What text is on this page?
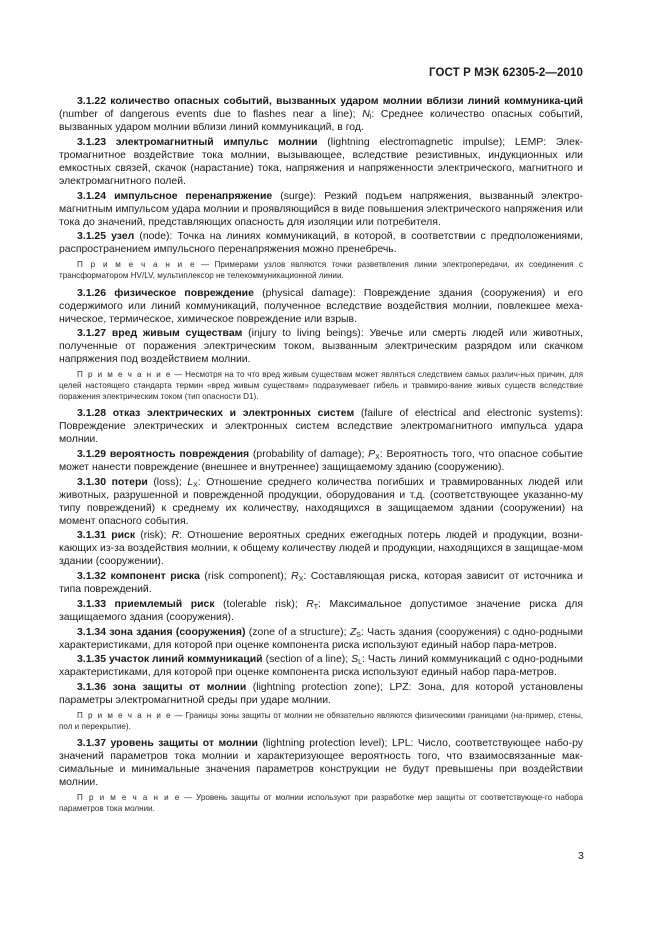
ГОСТ Р МЭК 62305-2—2010

3.1.22 количество опасных событий, вызванных ударом молнии вблизи линий коммуника-ций (number of dangerous events due to flashes near a line); $N_l$: Среднее количество опасных событий, вызванных ударом молнии вблизи линий коммуникаций, в год.

3.1.23 электромагнитный импульс молнии (lightning electromagnetic impulse); LEMP: Элек-тромагнитное воздействие тока молнии, вызывающее, вследствие резистивных, индукционных или емкостных связей, скачок (нарастание) тока, напряжения и напряженности электрического, магнитного и электромагнитного полей.

3.1.24 импульсное перенапряжение (surge): Резкий подъем напряжения, вызванный электро-магнитным импульсом удара молнии и проявляющийся в виде повышения электрического напряжения или тока до значений, представляющих опасность для изоляции или потребителя.

3.1.25 узел (node): Точка на линиях коммуникаций, в которой, в соответствии с предположениями, распространением импульсного перенапряжения можно пренебречь.

П р и м е ч а н и е — Примерами узлов являются точки разветвления линии электропередачи, их соединения с трансформатором HV/LV, мультиплексор не телекоммуникационной линии.

3.1.26 физическое повреждение (physical damage): Повреждение здания (сооружения) и его содержимого или линий коммуникаций, полученное вследствие воздействия молнии, повлекшее меха-ническое, термическое, химическое повреждение или взрыв.

3.1.27 вред живым существам (injury to living beings): Увечье или смерть людей или животных, полученные от поражения электрическим током, вызванным электрическим разрядом или скачком напряжения под воздействием молнии.

П р и м е ч а н и е — Несмотря на то что вред живым существам может являться следствием самых различ-ных причин, для целей настоящего стандарта термин «вред живым существам» подразумевает гибель и травмиро-вание живых существ вследствие поражения электрическим током (тип опасности D1).

3.1.28 отказ электрических и электронных систем (failure of electrical and electronic systems): Повреждение электрических и электронных систем вследствие электромагнитного импульса удара молнии.

3.1.29 вероятность повреждения (probability of damage); $P_X$: Вероятность того, что опасное событие может нанести повреждение (внешнее и внутреннее) защищаемому зданию (сооружению).

3.1.30 потери (loss); $L_X$: Отношение среднего количества погибших и травмированных людей или животных, разрушенной и поврежденной продукции, оборудования и т.д. (соответствующее указанно-му типу повреждений) к среднему их количеству, находящихся в защищаемом здании (сооружении) на момент опасного события.

3.1.31 риск (risk); R: Отношение вероятных средних ежегодных потерь людей и продукции, возни-кающих из-за воздействия молнии, к общему количеству людей и продукции, находящихся в защищае-мом здании (сооружении).

3.1.32 компонент риска (risk component); $R_X$: Составляющая риска, которая зависит от источника и типа повреждений.

3.1.33 приемлемый риск (tolerable risk); $R_T$: Максимальное допустимое значение риска для защищаемого здания (сооружения).

3.1.34 зона здания (сооружения) (zone of a structure); $Z_S$: Часть здания (сооружения) с одно-родными характеристиками, для которой при оценке компонента риска используют единый набор пара-метров.

3.1.35 участок линий коммуникаций (section of a line); $S_L$: Часть линий коммуникаций с одно-родными характеристиками, для которой при оценке компонента риска используют единый набор пара-метров.

3.1.36 зона защиты от молнии (lightning protection zone); LPZ: Зона, для которой установлены параметры электромагнитной среды при ударе молнии.

П р и м е ч а н и е — Границы зоны защиты от молнии не обязательно являются физическими границами (на-пример, стены, пол и перекрытие).

3.1.37 уровень защиты от молнии (lightning protection level); LPL: Число, соответствующее набо-ру значений параметров тока молнии и характеризующее вероятность того, что взаимосвязанные мак-симальные и минимальные значения параметров конструкции не будут превышены при воздействии молнии.

П р и м е ч а н и е — Уровень защиты от молнии используют при разработке мер защиты от соответствующе-го набора параметров тока молнии.

3
